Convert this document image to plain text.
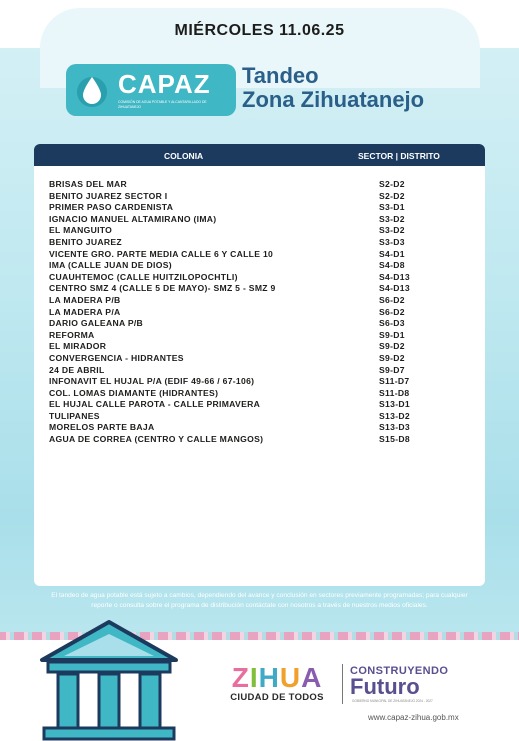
MIÉRCOLES 11.06.25
CAPAZ
COMISIÓN DE AGUA POTABLE Y ALCANTARILLADO DE ZIHUATANEJO
Tandeo
Zona Zihuatanejo
COLONIA	SECTOR | DISTRITO
BRISAS DEL MAR	S2-D2
BENITO JUAREZ SECTOR I	S2-D2
PRIMER PASO CARDENISTA	S3-D1
IGNACIO MANUEL ALTAMIRANO (IMA)	S3-D2
EL MANGUITO	S3-D2
BENITO JUAREZ	S3-D3
VICENTE GRO. PARTE MEDIA CALLE 6 Y CALLE 10	S4-D1
IMA (CALLE JUAN DE DIOS)	S4-D8
CUAUHTEMOC (CALLE HUITZILOPOCHTLI)	S4-D13
CENTRO SMZ 4 (CALLE 5 DE MAYO)- SMZ 5 - SMZ 9	S4-D13
LA MADERA P/B	S6-D2
LA MADERA P/A	S6-D2
DARIO GALEANA P/B	S6-D3
REFORMA	S9-D1
EL MIRADOR	S9-D2
CONVERGENCIA - HIDRANTES	S9-D2
24 DE ABRIL	S9-D7
INFONAVIT EL HUJAL P/A (EDIF 49-66 / 67-106)	S11-D7
COL. LOMAS DIAMANTE (HIDRANTES)	S11-D8
EL HUJAL CALLE PAROTA - CALLE PRIMAVERA	S13-D1
TULIPANES	S13-D2
MORELOS PARTE BAJA	S13-D3
AGUA DE CORREA (CENTRO Y CALLE MANGOS)	S15-D8
El tandeo de agua potable está sujeto a cambios, dependiendo del avance y conclusión en sectores previamente programadas; para cualquier reporte o consulta sobre el programa de distribución contáctate con nosotros a través de nuestros medios oficiales.
ZIHUA
CIUDAD DE TODOS
CONSTRUYENDO
Futuro
GOBIERNO MUNICIPAL DE ZIHUATANEJO 2024 - 2027
www.capaz-zihua.gob.mx
